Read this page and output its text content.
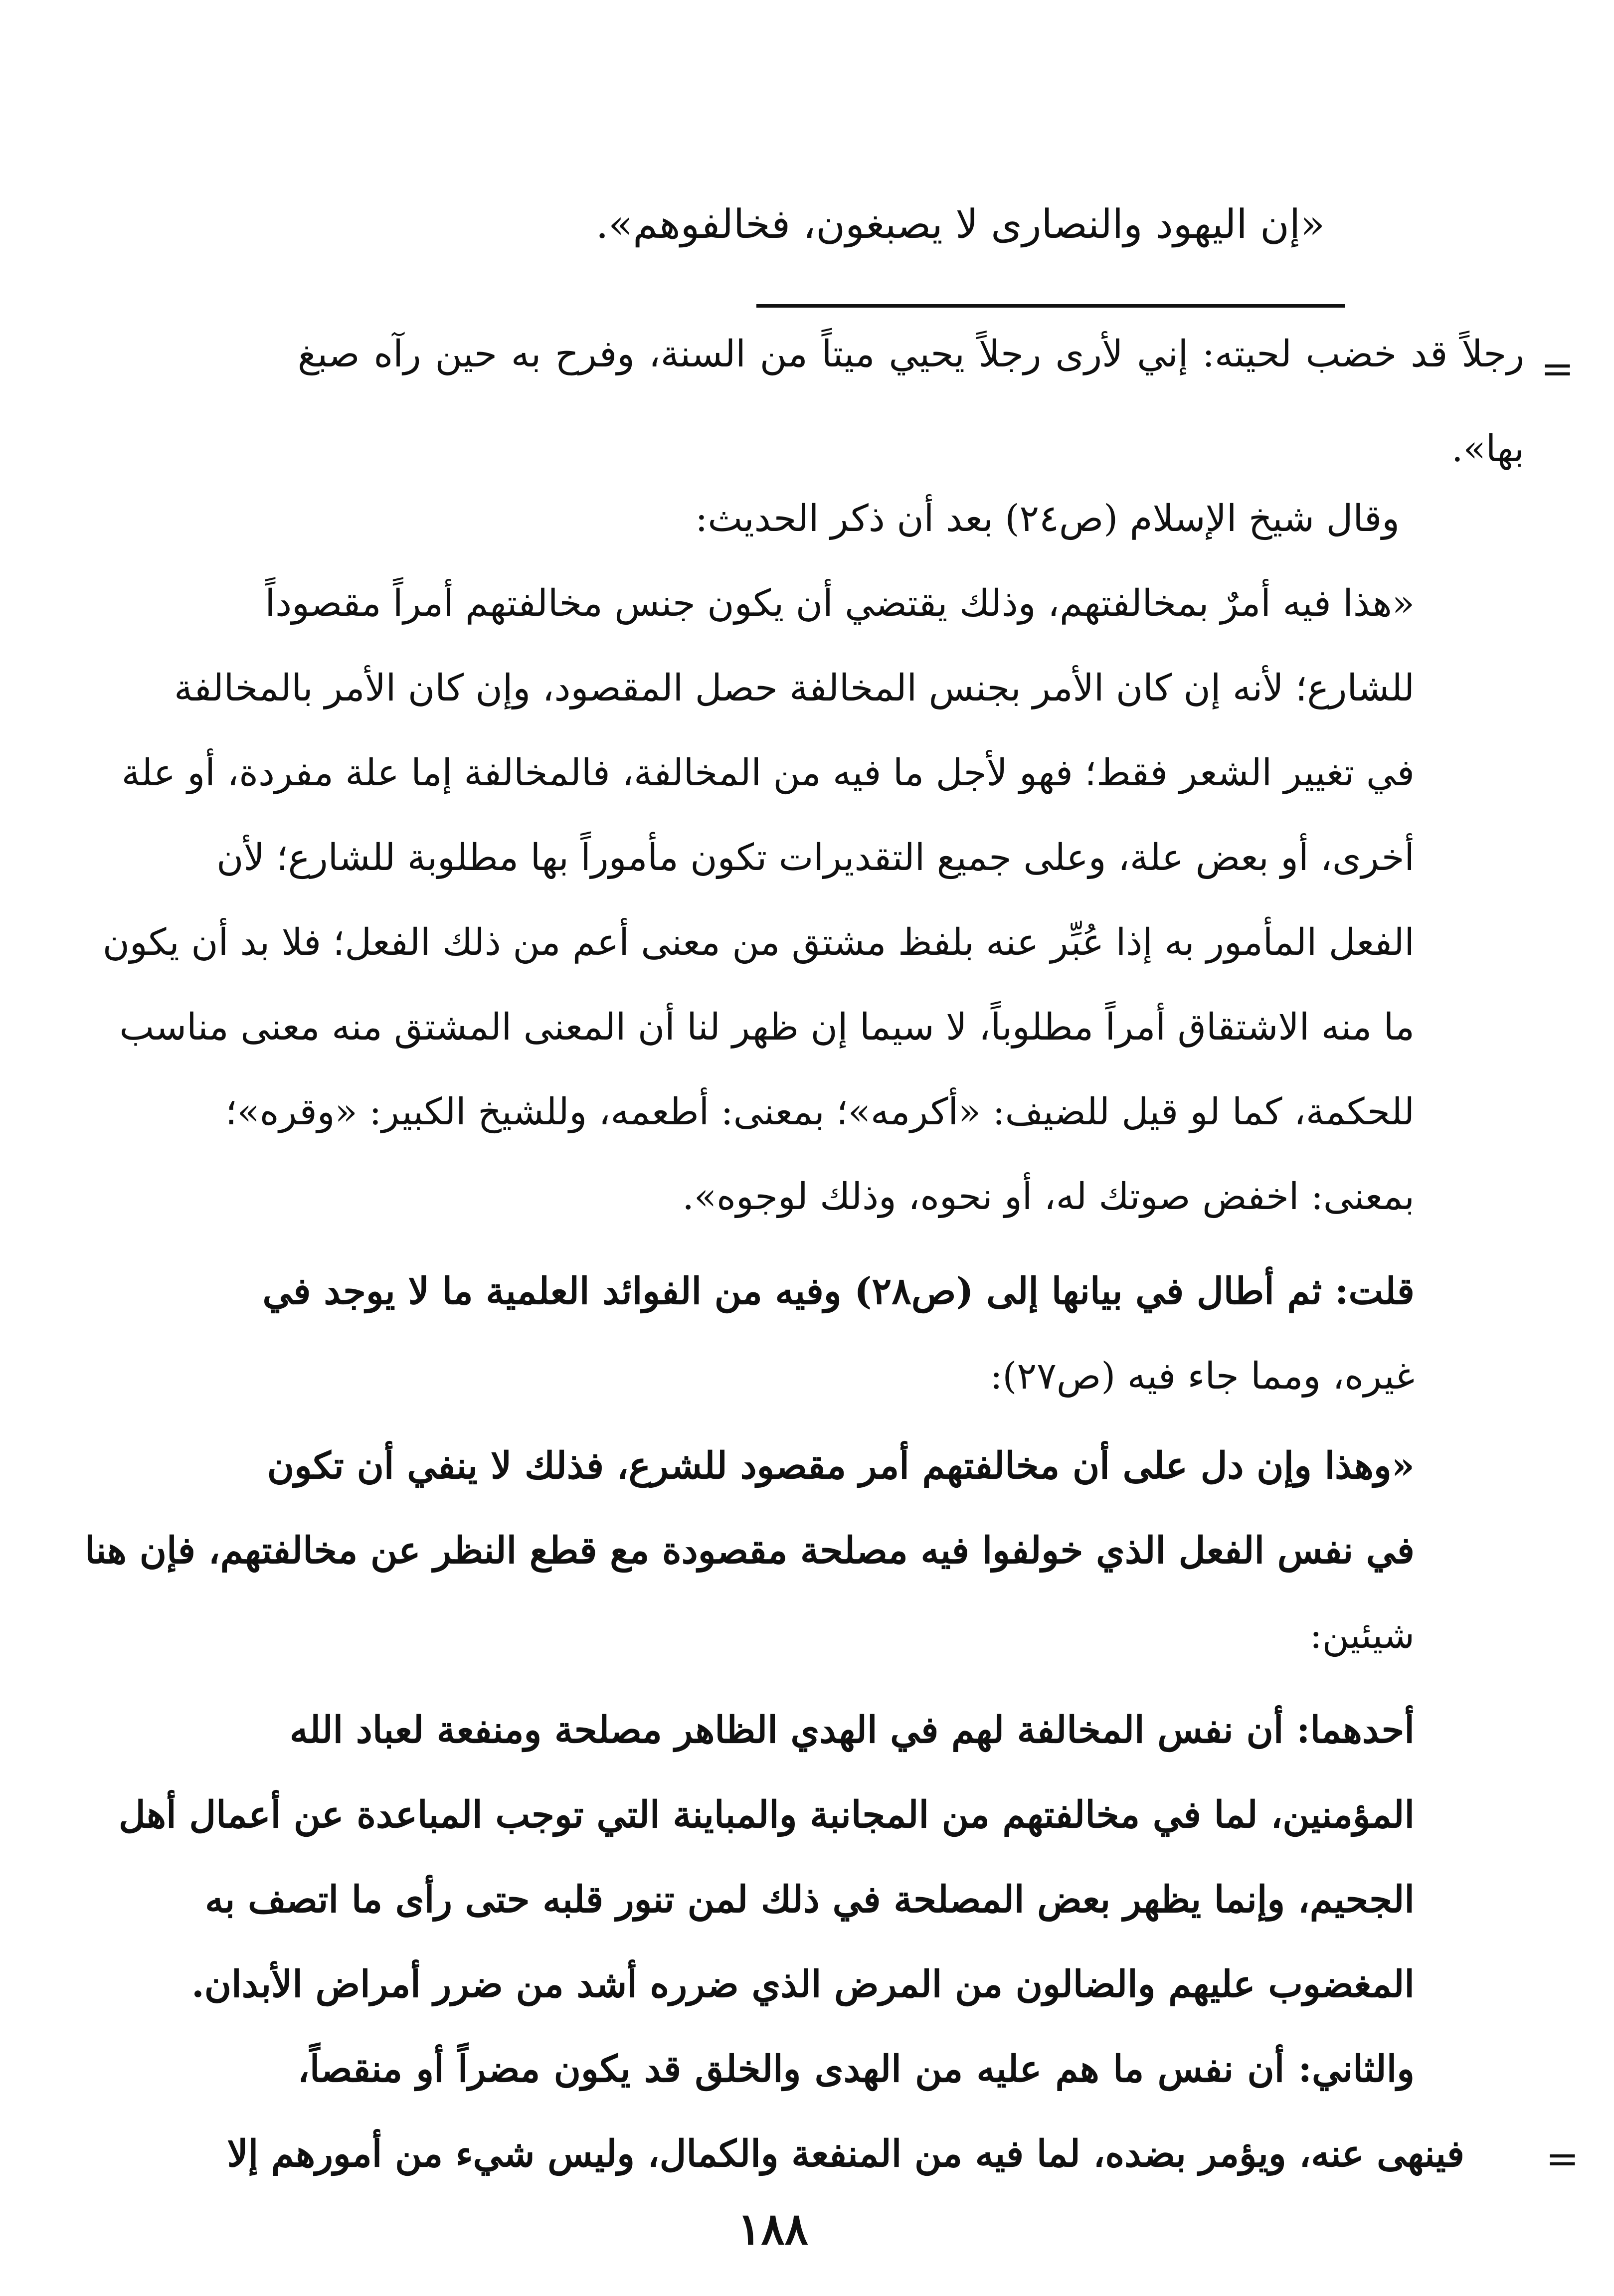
«إن اليهود والنصارى لا يصبغون، فخالفوهم».
=
رجلاً قد خضب لحيته: إني لأرى رجلاً يحيي ميتاً من السنة، وفرح به حين رآه صبغ
بها».
وقال شيخ الإسلام (ص٢٤) بعد أن ذكر الحديث:
«هذا فيه أمرٌ بمخالفتهم، وذلك يقتضي أن يكون جنس مخالفتهم أمراً مقصوداً
للشارع؛ لأنه إن كان الأمر بجنس المخالفة حصل المقصود، وإن كان الأمر بالمخالفة
في تغيير الشعر فقط؛ فهو لأجل ما فيه من المخالفة، فالمخالفة إما علة مفردة، أو علة
أخرى، أو بعض علة، وعلى جميع التقديرات تكون مأموراً بها مطلوبة للشارع؛ لأن
الفعل المأمور به إذا عُبِّر عنه بلفظ مشتق من معنى أعم من ذلك الفعل؛ فلا بد أن يكون
ما منه الاشتقاق أمراً مطلوباً، لا سيما إن ظهر لنا أن المعنى المشتق منه معنى مناسب
للحكمة، كما لو قيل للضيف: «أكرمه»؛ بمعنى: أطعمه، وللشيخ الكبير: «وقره»؛
بمعنى: اخفض صوتك له، أو نحوه، وذلك لوجوه».
قلت: ثم أطال في بيانها إلى (ص٢٨) وفيه من الفوائد العلمية ما لا يوجد في
غيره، ومما جاء فيه (ص٢٧):
«وهذا وإن دل على أن مخالفتهم أمر مقصود للشرع، فذلك لا ينفي أن تكون
في نفس الفعل الذي خولفوا فيه مصلحة مقصودة مع قطع النظر عن مخالفتهم، فإن هنا
شيئين:
أحدهما: أن نفس المخالفة لهم في الهدي الظاهر مصلحة ومنفعة لعباد الله
المؤمنين، لما في مخالفتهم من المجانبة والمباينة التي توجب المباعدة عن أعمال أهل
الجحيم، وإنما يظهر بعض المصلحة في ذلك لمن تنور قلبه حتى رأى ما اتصف به
المغضوب عليهم والضالون من المرض الذي ضرره أشد من ضرر أمراض الأبدان.
والثاني: أن نفس ما هم عليه من الهدى والخلق قد يكون مضراً أو منقصاً،
فينهى عنه، ويؤمر بضده، لما فيه من المنفعة والكمال، وليس شيء من أمورهم إلا =
١٨٨
